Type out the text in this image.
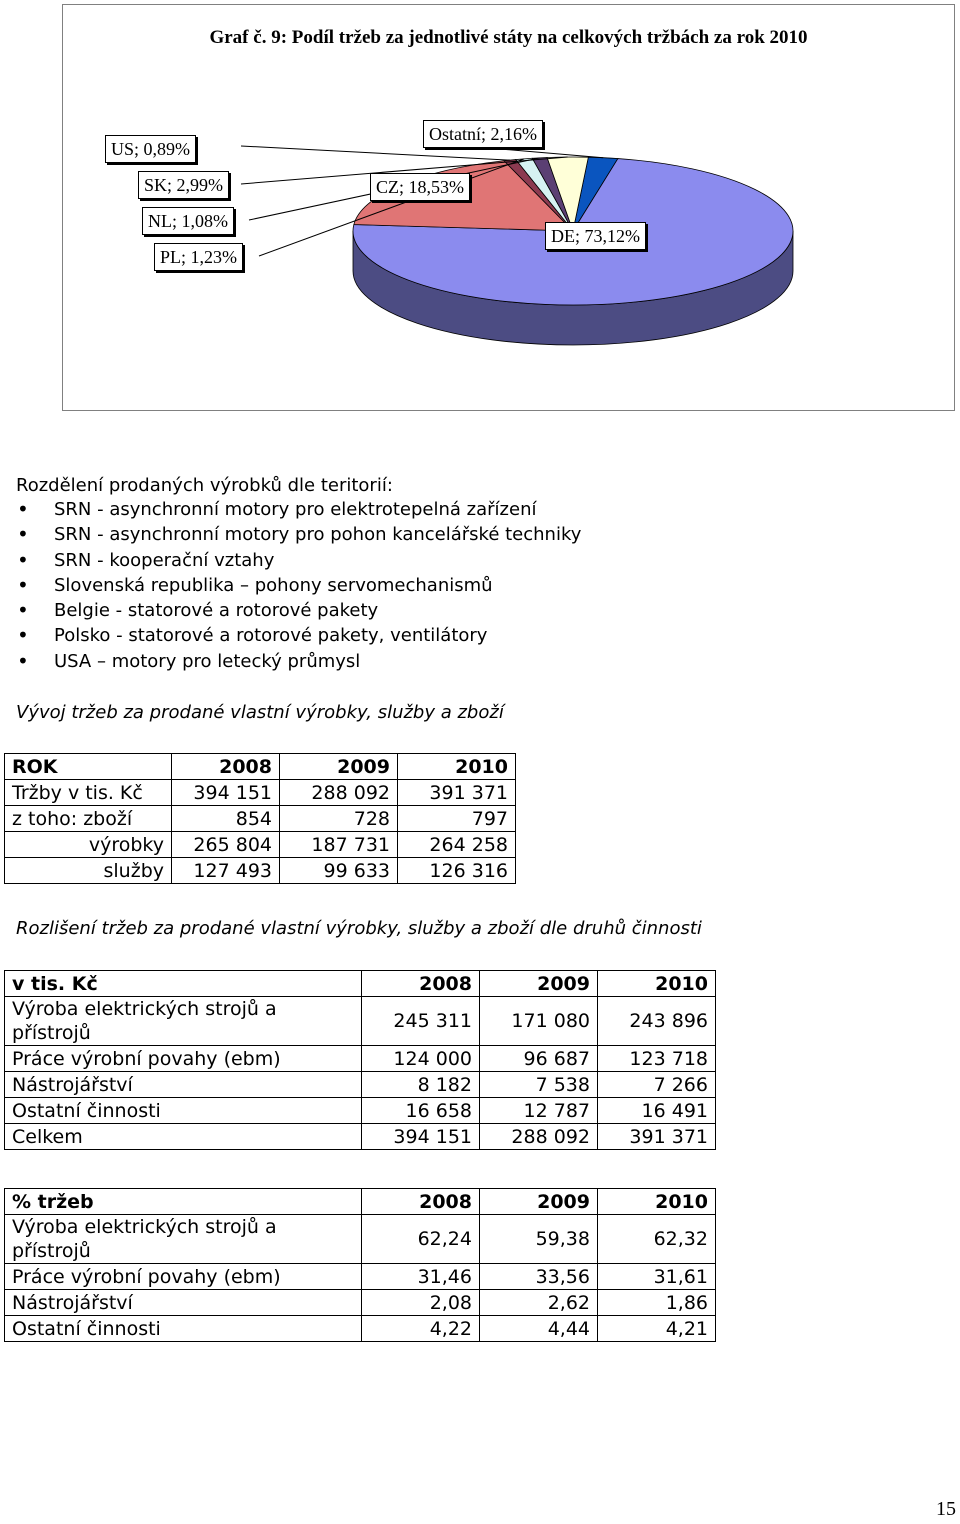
Graf č. 9: Podíl tržeb za jednotlivé státy na celkových tržbách za rok 2010
Ostatní; 2,16%
US; 0,89%
SK; 2,99%	CZ; 18,53%
NL; 1,08%
DE; 73,12%
PL; 1,23%
Rozdělení prodaných výrobků dle teritorií:
• SRN - asynchronní motory pro elektrotepelná zařízení
• SRN - asynchronní motory pro pohon kancelářské techniky
• SRN - kooperační vztahy
• Slovenská republika – pohony servomechanismů
• Belgie - statorové a rotorové pakety
• Polsko - statorové a rotorové pakety, ventilátory
• USA – motory pro letecký průmysl
Vývoj tržeb za prodané vlastní výrobky, služby a zboží
ROK	2008	2009	2010
Tržby v tis. Kč	394 151	288 092	391 371
z toho: zboží	854	728	797
výrobky	265 804	187 731	264 258
služby	127 493	99 633	126 316
Rozlišení tržeb za prodané vlastní výrobky, služby a zboží dle druhů činnosti
v tis. Kč	2008	2009	2010
Výroba elektrických strojů a přístrojů	245 311	171 080	243 896
Práce výrobní povahy (ebm)	124 000	96 687	123 718
Nástrojářství	8 182	7 538	7 266
Ostatní činnosti	16 658	12 787	16 491
Celkem	394 151	288 092	391 371
% tržeb	2008	2009	2010
Výroba elektrických strojů a přístrojů	62,24	59,38	62,32
Práce výrobní povahy (ebm)	31,46	33,56	31,61
Nástrojářství	2,08	2,62	1,86
Ostatní činnosti	4,22	4,44	4,21
15
